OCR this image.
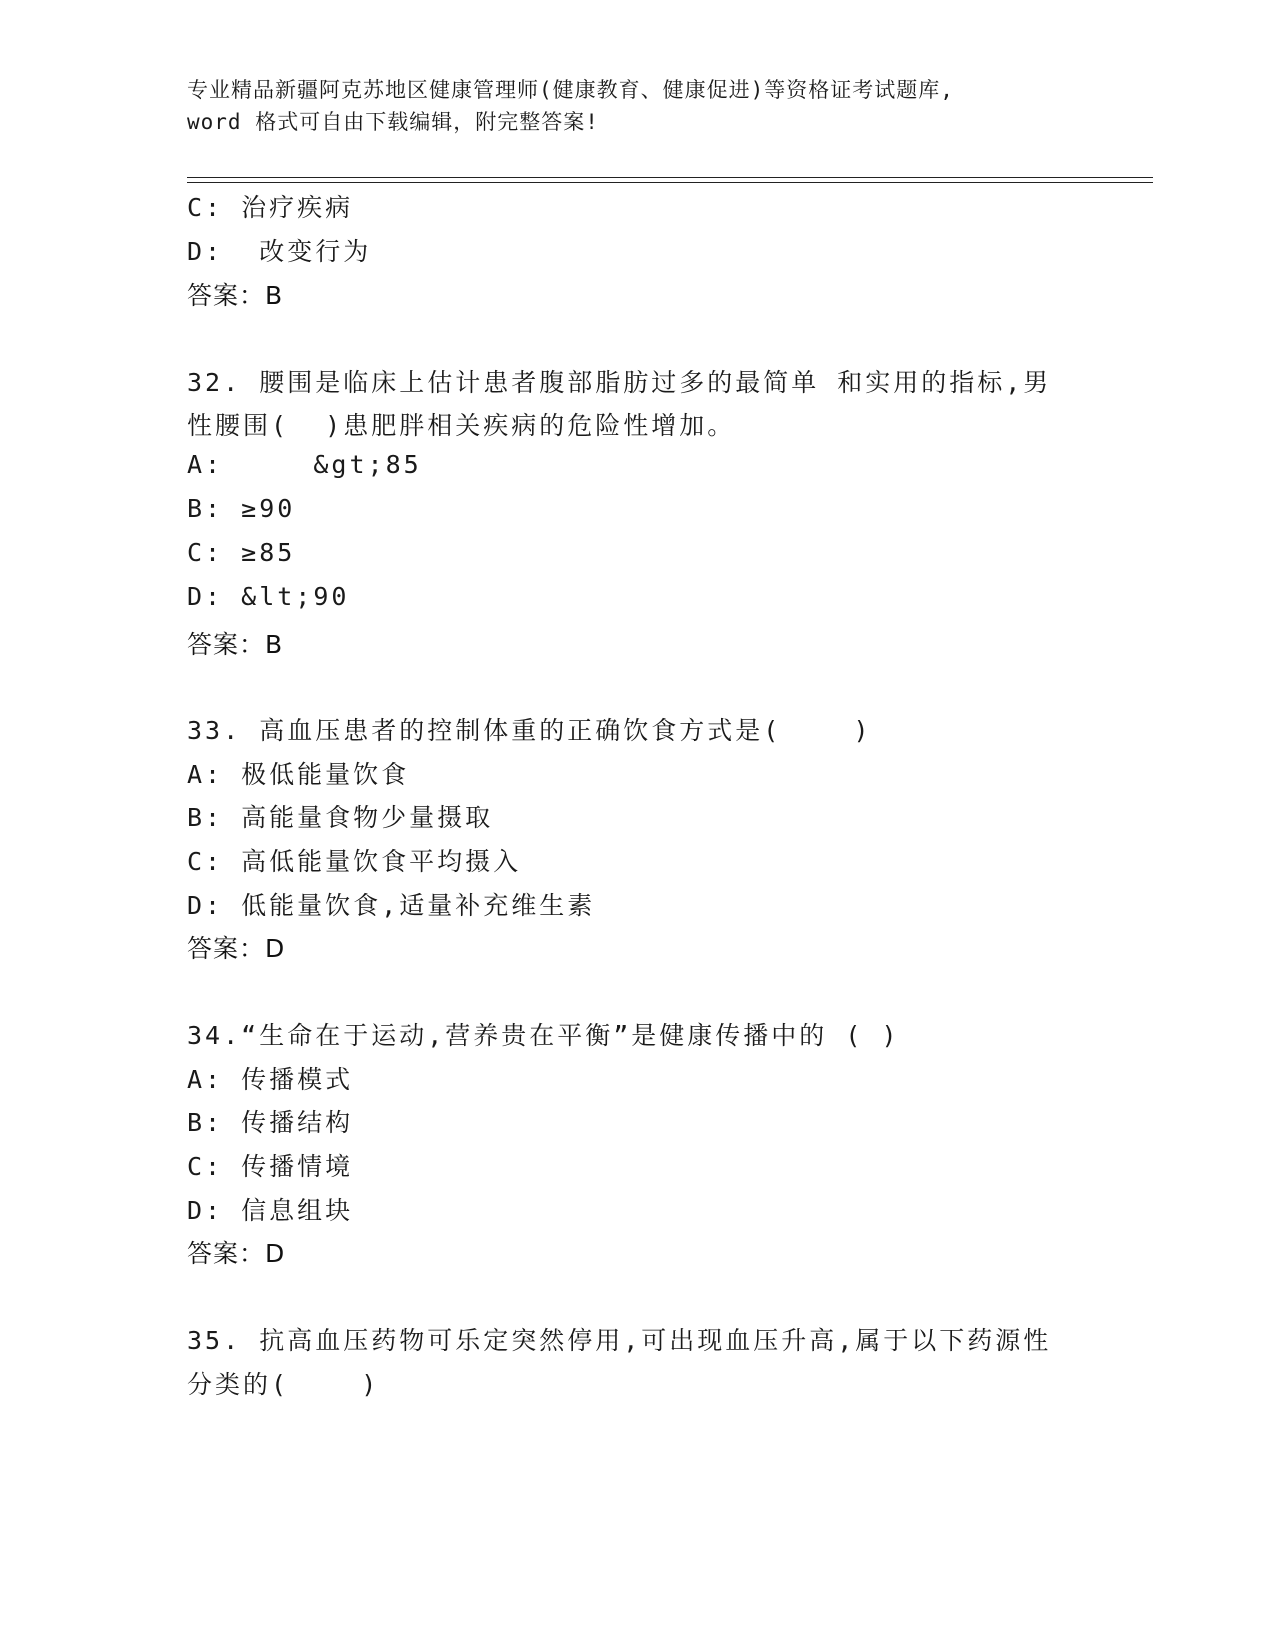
专业精品新疆阿克苏地区健康管理师(健康教育、健康促进)等资格证考试题库,
word 格式可自由下载编辑，附完整答案!
C: 治疗疾病
D:  改变行为
答案：B
32. 腰围是临床上估计患者腹部脂肪过多的最简单 和实用的指标,男
性腰围(  )患肥胖相关疾病的危险性增加。
A:     &gt;85
B: ≥90
C: ≥85
D: &lt;90
答案：B
33. 高血压患者的控制体重的正确饮食方式是(    )
A: 极低能量饮食
B: 高能量食物少量摄取
C: 高低能量饮食平均摄入
D: 低能量饮食,适量补充维生素
答案：D
34.“生命在于运动,营养贵在平衡”是健康传播中的 ( )
A: 传播模式
B: 传播结构
C: 传播情境
D: 信息组块
答案：D
35. 抗高血压药物可乐定突然停用,可出现血压升高,属于以下药源性
分类的(    )
